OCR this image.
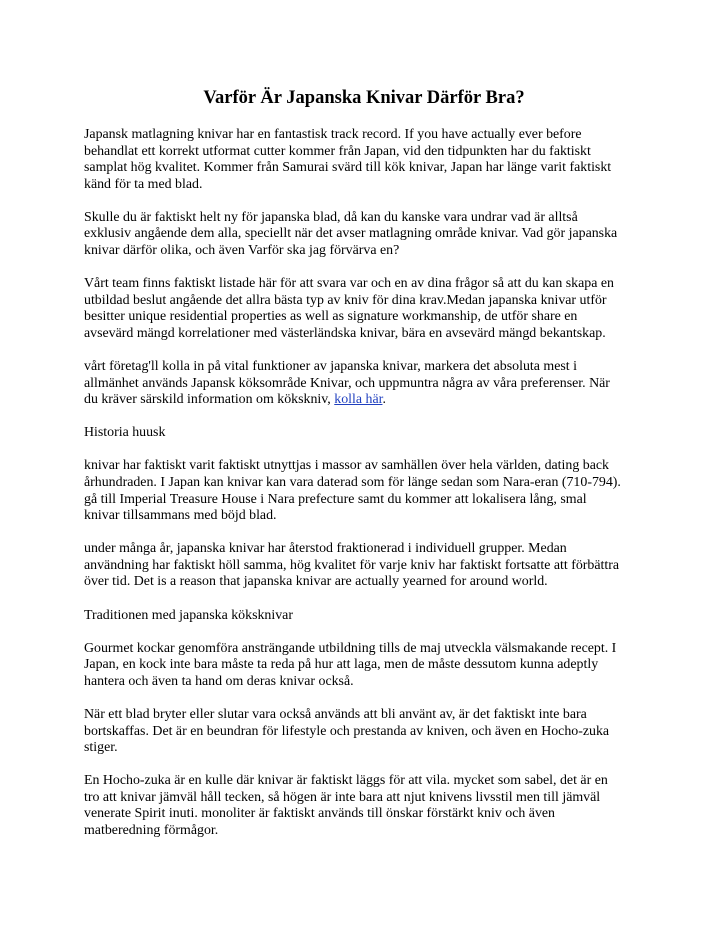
Varför Är Japanska Knivar Därför Bra?
Japansk matlagning knivar har en fantastisk track record. If you have actually ever before
behandlat ett korrekt utformat cutter kommer från Japan, vid den tidpunkten har du faktiskt
samplat hög kvalitet. Kommer från Samurai svärd till kök knivar, Japan har länge varit faktiskt
känd för ta med blad.
Skulle du är faktiskt helt ny för japanska blad, då kan du kanske vara undrar vad är alltså
exklusiv angående dem alla, speciellt när det avser matlagning område knivar. Vad gör japanska
knivar därför olika, och även Varför ska jag förvärva en?
Vårt team finns faktiskt listade här för att svara var och en av dina frågor så att du kan skapa en
utbildad beslut angående det allra bästa typ av kniv för dina krav.Medan japanska knivar utför
besitter unique residential properties as well as signature workmanship, de utför share en
avsevärd mängd korrelationer med västerländska knivar, bära en avsevärd mängd bekantskap.
vårt företag'll kolla in på vital funktioner av japanska knivar, markera det absoluta mest i
allmänhet används Japansk köksområde Knivar, och uppmuntra några av våra preferenser. När
du kräver särskild information om kökskniv, kolla här.
Historia huusk
knivar har faktiskt varit faktiskt utnyttjas i massor av samhällen över hela världen, dating back
århundraden. I Japan kan knivar kan vara daterad som för länge sedan som Nara-eran (710-794).
gå till Imperial Treasure House i Nara prefecture samt du kommer att lokalisera lång, smal
knivar tillsammans med böjd blad.
under många år, japanska knivar har återstod fraktionerad i individuell grupper. Medan
användning har faktiskt höll samma, hög kvalitet för varje kniv har faktiskt fortsatte att förbättra
över tid. Det is a reason that japanska knivar are actually yearned for around world.
Traditionen med japanska köksknivar
Gourmet kockar genomföra ansträngande utbildning tills de maj utveckla välsmakande recept. I
Japan, en kock inte bara måste ta reda på hur att laga, men de måste dessutom kunna adeptly
hantera och även ta hand om deras knivar också.
När ett blad bryter eller slutar vara också används att bli använt av, är det faktiskt inte bara
bortskaffas. Det är en beundran för lifestyle och prestanda av kniven, och även en Hocho-zuka
stiger.
En Hocho-zuka är en kulle där knivar är faktiskt läggs för att vila. mycket som sabel, det är en
tro att knivar jämväl håll tecken, så högen är inte bara att njut knivens livsstil men till jämväl
venerate Spirit inuti. monoliter är faktiskt används till önskar förstärkt kniv och även
matberedning förmågor.
